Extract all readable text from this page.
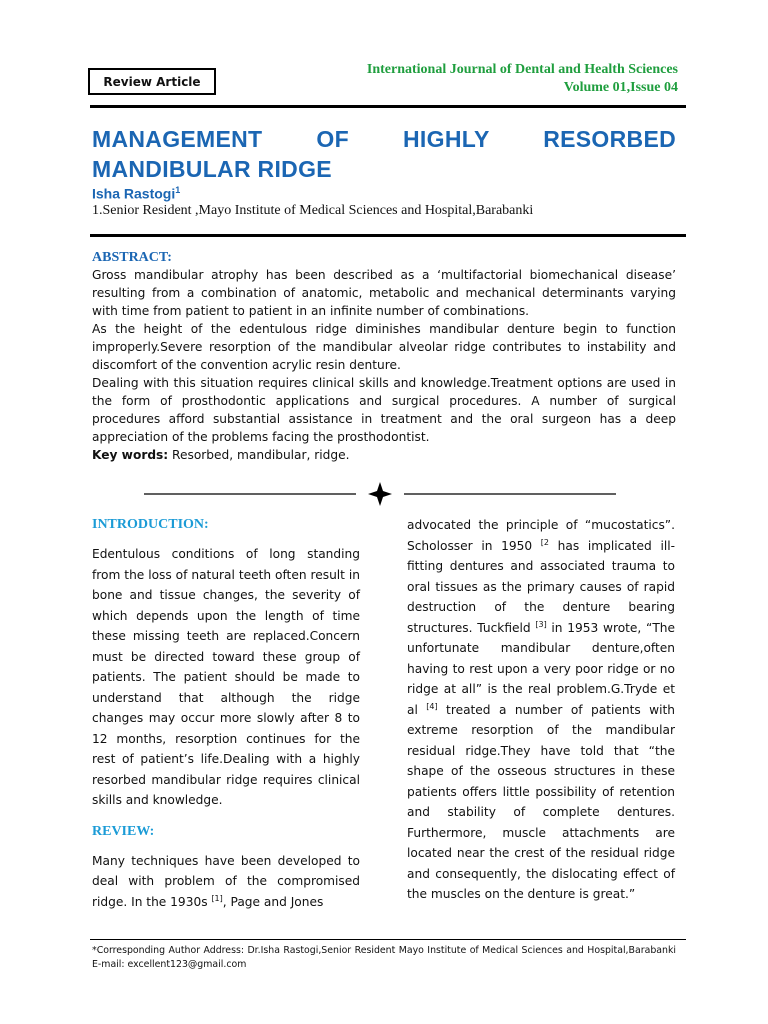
International Journal of Dental and Health Sciences
Volume 01,Issue 04
Review Article
MANAGEMENT OF HIGHLY RESORBED
MANDIBULAR RIDGE
Isha Rastogi$^1$
1.Senior Resident ,Mayo Institute of Medical Sciences and Hospital,Barabanki
ABSTRACT:

Gross mandibular atrophy has been described as a ‘multifactorial biomechanical disease’ resulting from a combination of anatomic, metabolic and mechanical determinants varying with time from patient to patient in an infinite number of combinations.

As the height of the edentulous ridge diminishes mandibular denture begin to function improperly.Severe resorption of the mandibular alveolar ridge contributes to instability and discomfort of the convention acrylic resin denture.

Dealing with this situation requires clinical skills and knowledge.Treatment options are used in the form of prosthodontic applications and surgical procedures. A number of surgical procedures afford substantial assistance in treatment and the oral surgeon has a deep appreciation of the problems facing the prosthodontist.

Key words: Resorbed, mandibular, ridge.

INTRODUCTION:

Edentulous conditions of long standing from the loss of natural teeth often result in bone and tissue changes, the severity of which depends upon the length of time these missing teeth are replaced.Concern must be directed toward these group of patients. The patient should be made to understand that although the ridge changes may occur more slowly after 8 to 12 months, resorption continues for the rest of patient’s life.Dealing with a highly resorbed mandibular ridge requires clinical skills and knowledge.

REVIEW:

Many techniques have been developed to deal with problem of the compromised ridge. In the 1930s [1], Page and Jones

advocated the principle of “mucostatics”. Scholosser in 1950 $^{[2}$ has implicated ill-fitting dentures and associated trauma to oral tissues as the primary causes of rapid destruction of the denture bearing structures. Tuckfield [3] in 1953 wrote, “The unfortunate mandibular denture,often having to rest upon a very poor ridge or no ridge at all” is the real problem.G.Tryde et al [4] treated a number of patients with extreme resorption of the mandibular residual ridge.They have told that “the shape of the osseous structures in these patients offers little possibility of retention and stability of complete dentures. Furthermore, muscle attachments are located near the crest of the residual ridge and consequently, the dislocating effect of the muscles on the denture is great.”

*Corresponding Author Address: Dr.Isha Rastogi,Senior Resident Mayo Institute of Medical Sciences and Hospital,Barabanki E-mail: excellent123@gmail.com
